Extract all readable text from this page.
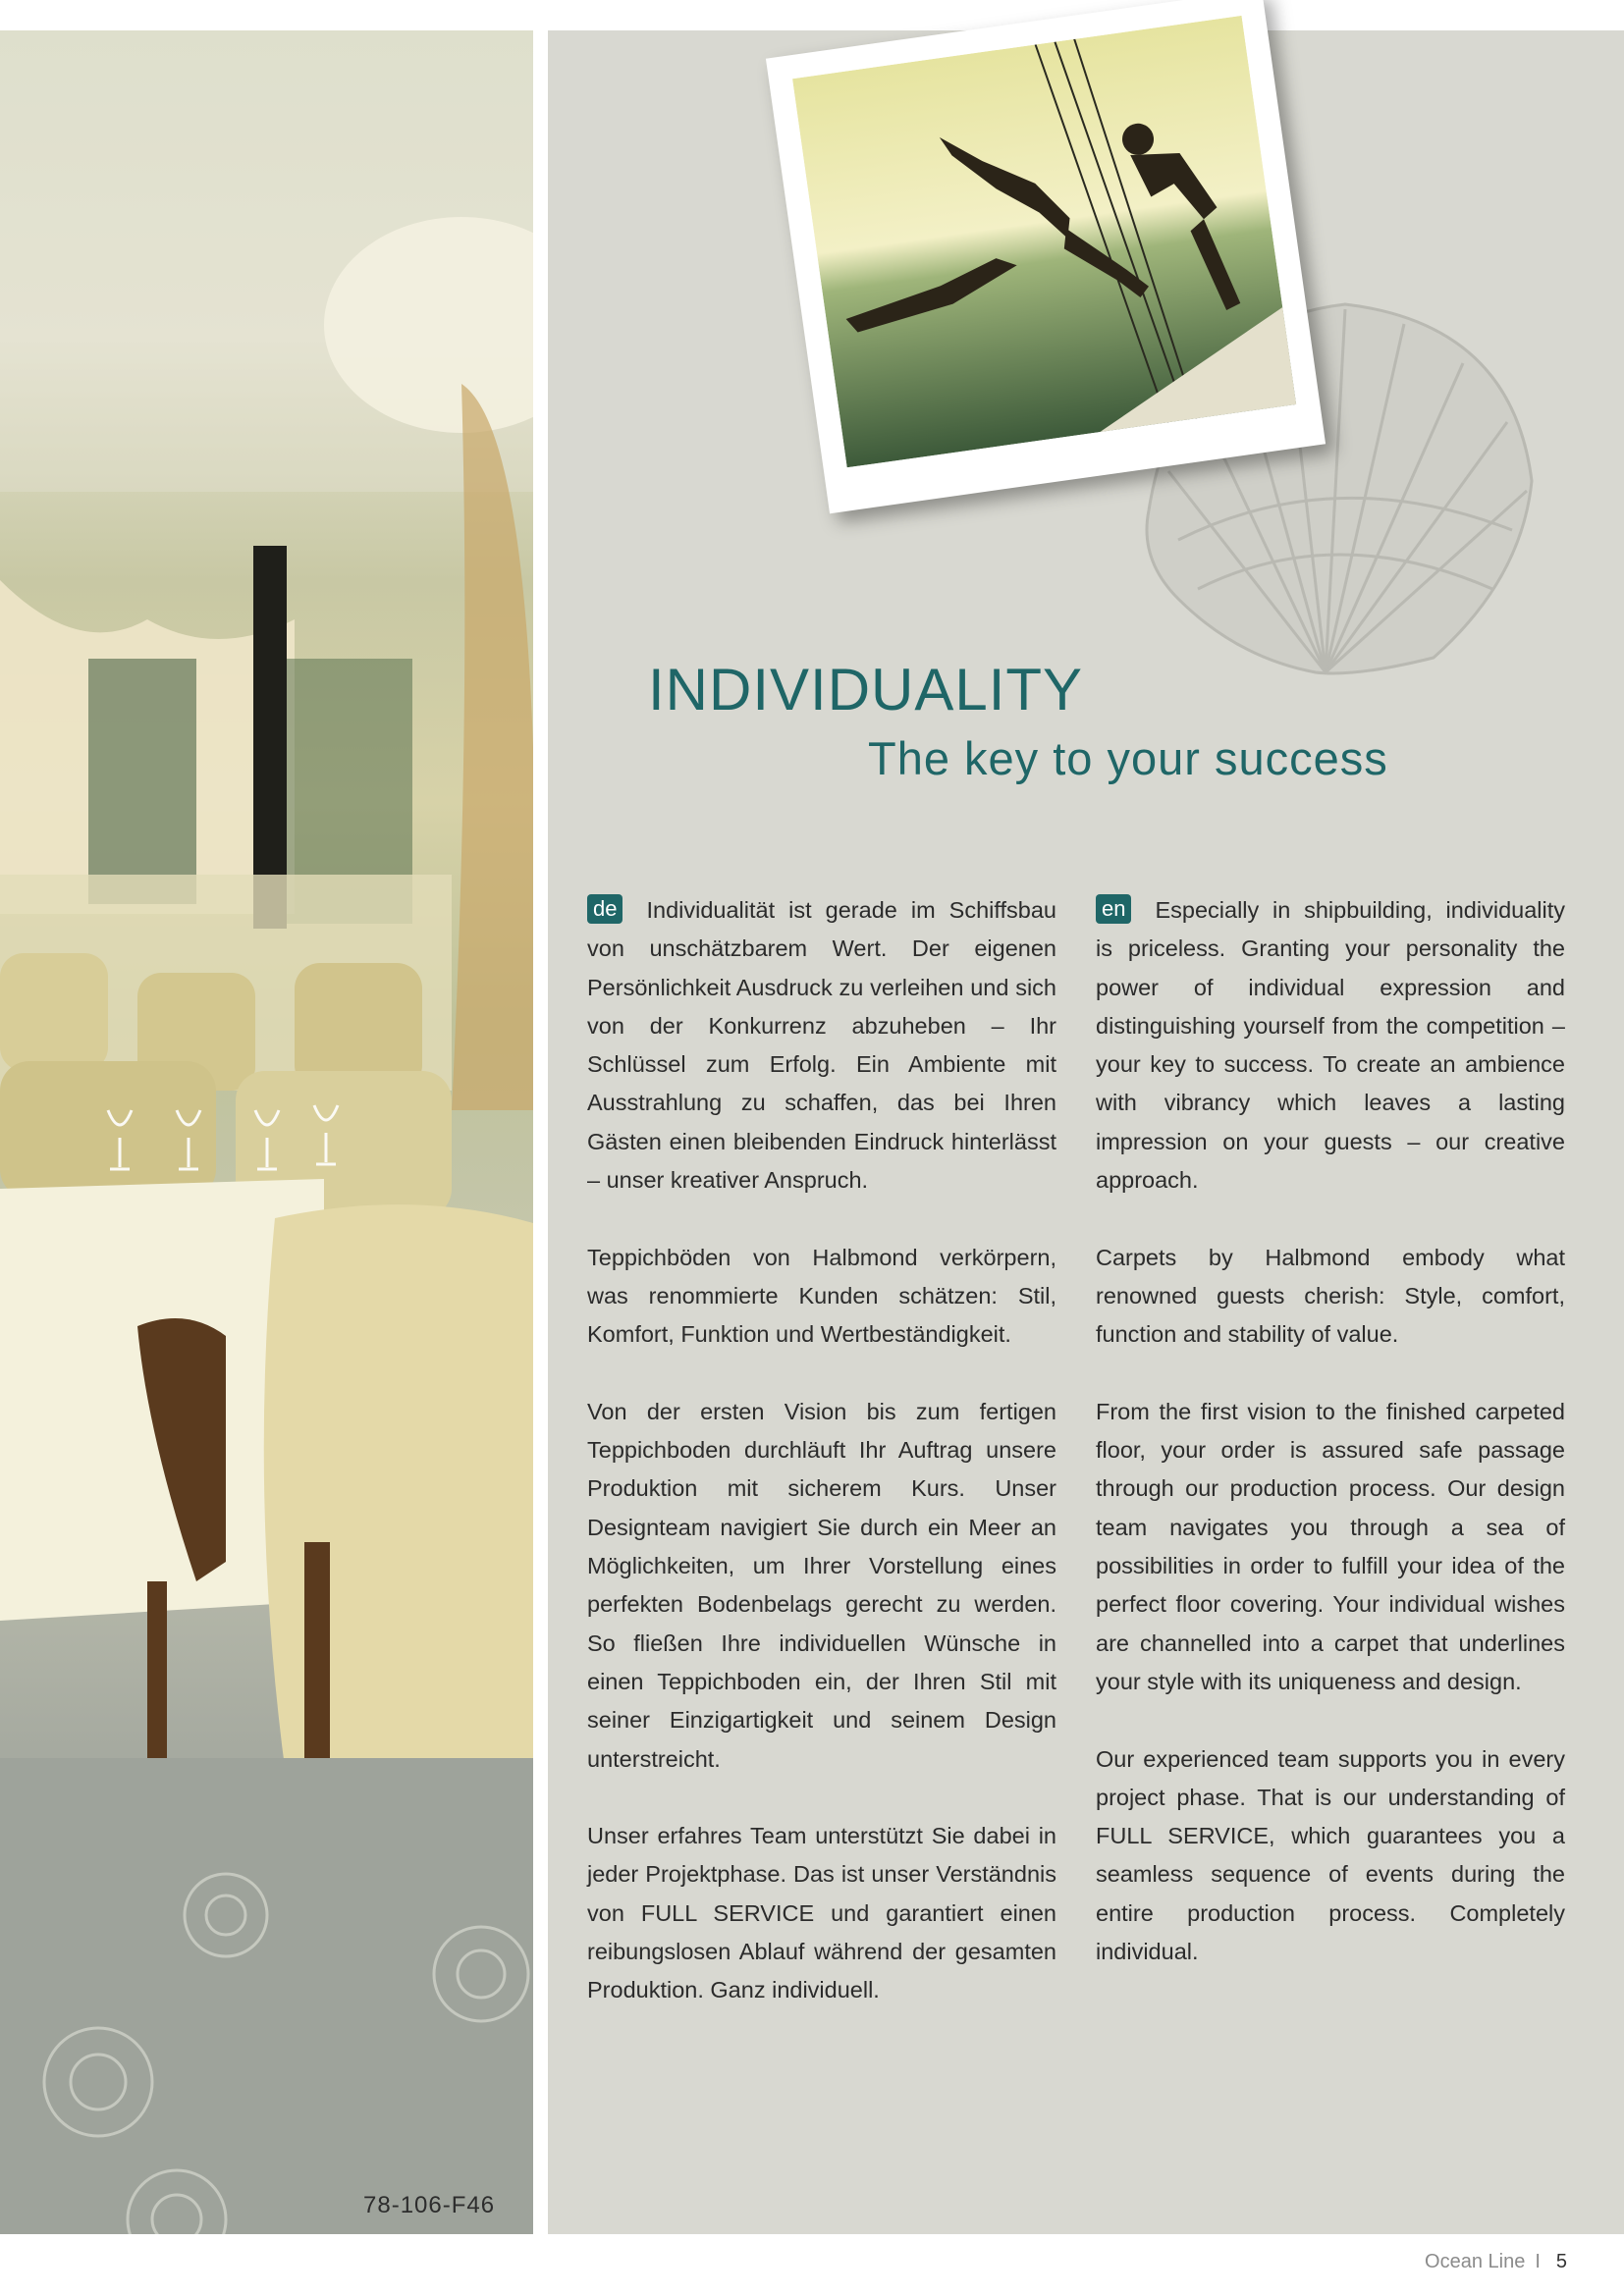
78-106-F46
INDIVIDUALITY
The key to your success

de Individualität ist gerade im Schiffsbau von unschätzbarem Wert. Der eigenen Persönlichkeit Ausdruck zu verleihen und sich von der Konkurrenz abzuheben – Ihr Schlüssel zum Erfolg. Ein Ambiente mit Ausstrahlung zu schaffen, das bei Ihren Gästen einen bleibenden Eindruck hinterlässt – unser kreativer Anspruch.

Teppichböden von Halbmond verkörpern, was renommierte Kunden schätzen: Stil, Komfort, Funktion und Wertbeständigkeit.

Von der ersten Vision bis zum fertigen Teppichboden durchläuft Ihr Auftrag unsere Produktion mit sicherem Kurs. Unser Designteam navigiert Sie durch ein Meer an Möglichkeiten, um Ihrer Vorstellung eines perfekten Bodenbelags gerecht zu werden. So fließen Ihre individuellen Wünsche in einen Teppichboden ein, der Ihren Stil mit seiner Einzigartigkeit und seinem Design unterstreicht.

Unser erfahres Team unterstützt Sie dabei in jeder Projektphase. Das ist unser Verständnis von FULL SERVICE und garantiert einen reibungslosen Ablauf während der gesamten Produktion. Ganz individuell.

en Especially in shipbuilding, individuality is priceless. Granting your personality the power of individual expression and distinguishing yourself from the competition – your key to success. To create an ambience with vibrancy which leaves a lasting impression on your guests – our creative approach.

Carpets by Halbmond embody what renowned guests cherish: Style, comfort, function and stability of value.

From the first vision to the finished carpeted floor, your order is assured safe passage through our production process. Our design team navigates you through a sea of possibilities in order to fulfill your idea of the perfect floor covering. Your individual wishes are channelled into a carpet that underlines your style with its uniqueness and design.

Our experienced team supports you in every project phase. That is our understanding of FULL SERVICE, which guarantees you a seamless sequence of events during the entire production process. Completely individual.

Ocean Line I 5
